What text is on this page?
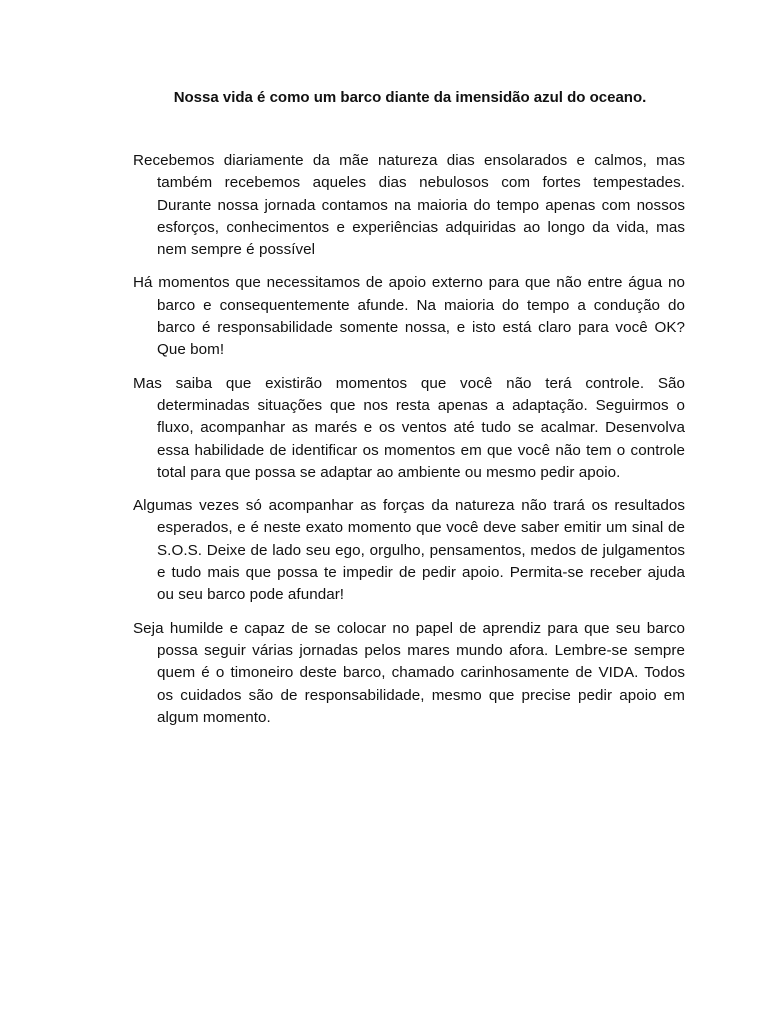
Nossa vida é como um barco diante da imensidão azul do oceano.

Recebemos diariamente da mãe natureza dias ensolarados e calmos, mas também recebemos aqueles dias nebulosos com fortes tempestades. Durante nossa jornada contamos na maioria do tempo apenas com nossos esforços, conhecimentos e experiências adquiridas ao longo da vida, mas nem sempre é possível

Há momentos que necessitamos de apoio externo para que não entre água no barco e consequentemente afunde. Na maioria do tempo a condução do barco é responsabilidade somente nossa, e isto está claro para você OK? Que bom!

Mas saiba que existirão momentos que você não terá controle. São determinadas situações que nos resta apenas a adaptação. Seguirmos o fluxo, acompanhar as marés e os ventos até tudo se acalmar. Desenvolva essa habilidade de identificar os momentos em que você não tem o controle total para que possa se adaptar ao ambiente ou mesmo pedir apoio.

Algumas vezes só acompanhar as forças da natureza não trará os resultados esperados, e é neste exato momento que você deve saber emitir um sinal de S.O.S. Deixe de lado seu ego, orgulho, pensamentos, medos de julgamentos e tudo mais que possa te impedir de pedir apoio. Permita-se receber ajuda ou seu barco pode afundar!

Seja humilde e capaz de se colocar no papel de aprendiz para que seu barco possa seguir várias jornadas pelos mares mundo afora. Lembre-se sempre quem é o timoneiro deste barco, chamado carinhosamente de VIDA. Todos os cuidados são de responsabilidade, mesmo que precise pedir apoio em algum momento.
